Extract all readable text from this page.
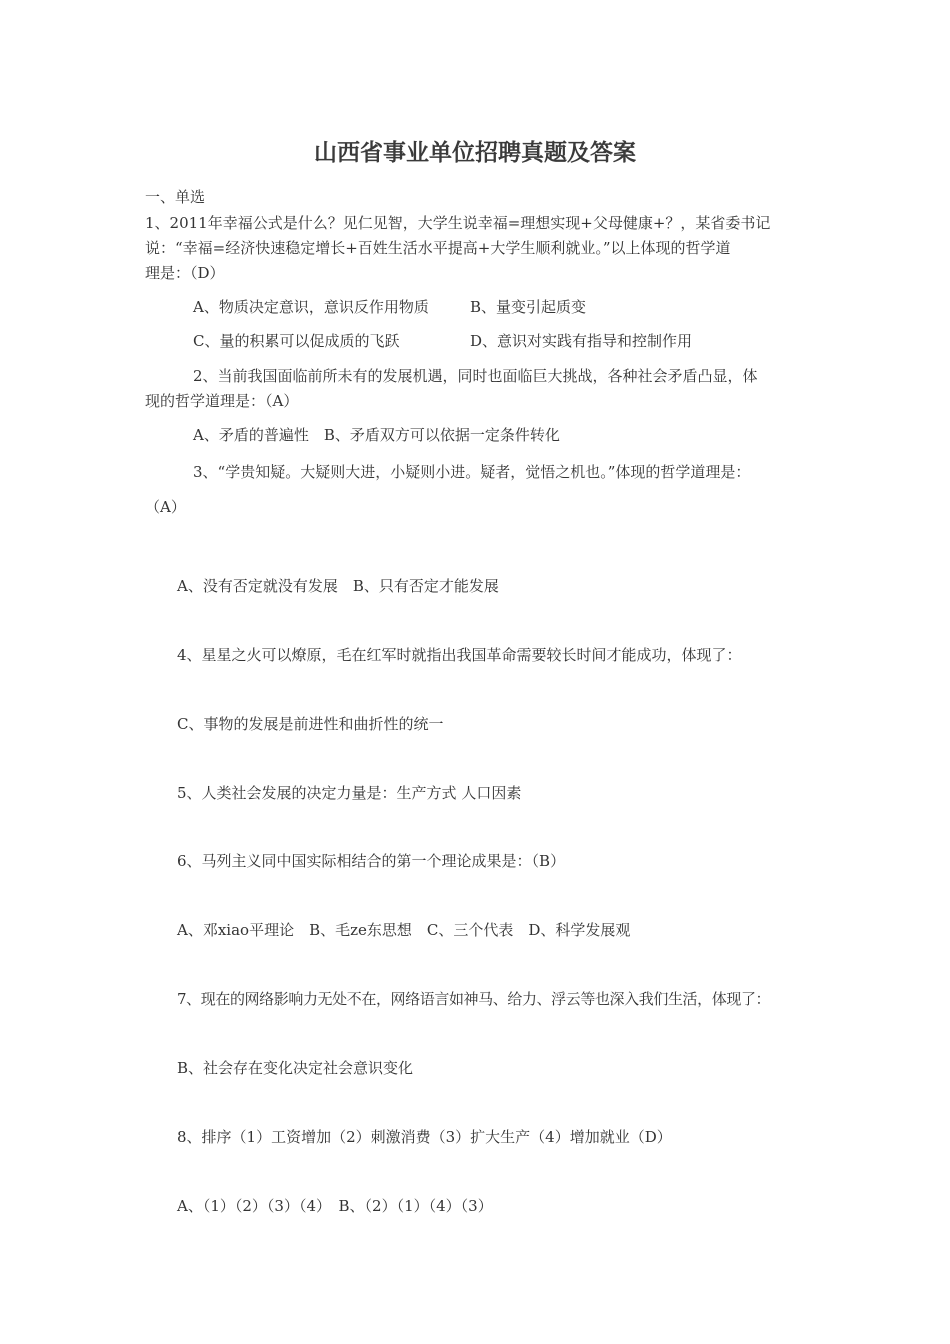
山西省事业单位招聘真题及答案
一、单选
1、2011年幸福公式是什么？见仁见智，大学生说幸福=理想实现+父母健康+？，某省委书记
说：“幸福=经济快速稳定增长+百姓生活水平提高+大学生顺利就业。”以上体现的哲学道
理是：（D）
A、物质决定意识，意识反作用物质	B、量变引起质变
C、量的积累可以促成质的飞跃	D、意识对实践有指导和控制作用
2、当前我国面临前所未有的发展机遇，同时也面临巨大挑战，各种社会矛盾凸显，体
现的哲学道理是：（A）
A、矛盾的普遍性　B、矛盾双方可以依据一定条件转化
3、“学贵知疑。大疑则大进，小疑则小进。疑者，觉悟之机也。”体现的哲学道理是：
（A）
A、没有否定就没有发展　B、只有否定才能发展
4、星星之火可以燎原，毛在红军时就指出我国革命需要较长时间才能成功，体现了：
C、事物的发展是前进性和曲折性的统一
5、人类社会发展的决定力量是：生产方式 人口因素
6、马列主义同中国实际相结合的第一个理论成果是：（B）
A、邓xiao平理论　B、毛ze东思想　C、三个代表　D、科学发展观
7、现在的网络影响力无处不在，网络语言如神马、给力、浮云等也深入我们生活，体现了：
B、社会存在变化决定社会意识变化
8、排序（1）工资增加（2）刺激消费（3）扩大生产（4）增加就业（D）
A、（1）（2）（3）（4）　B、（2）（1）（4）（3）
